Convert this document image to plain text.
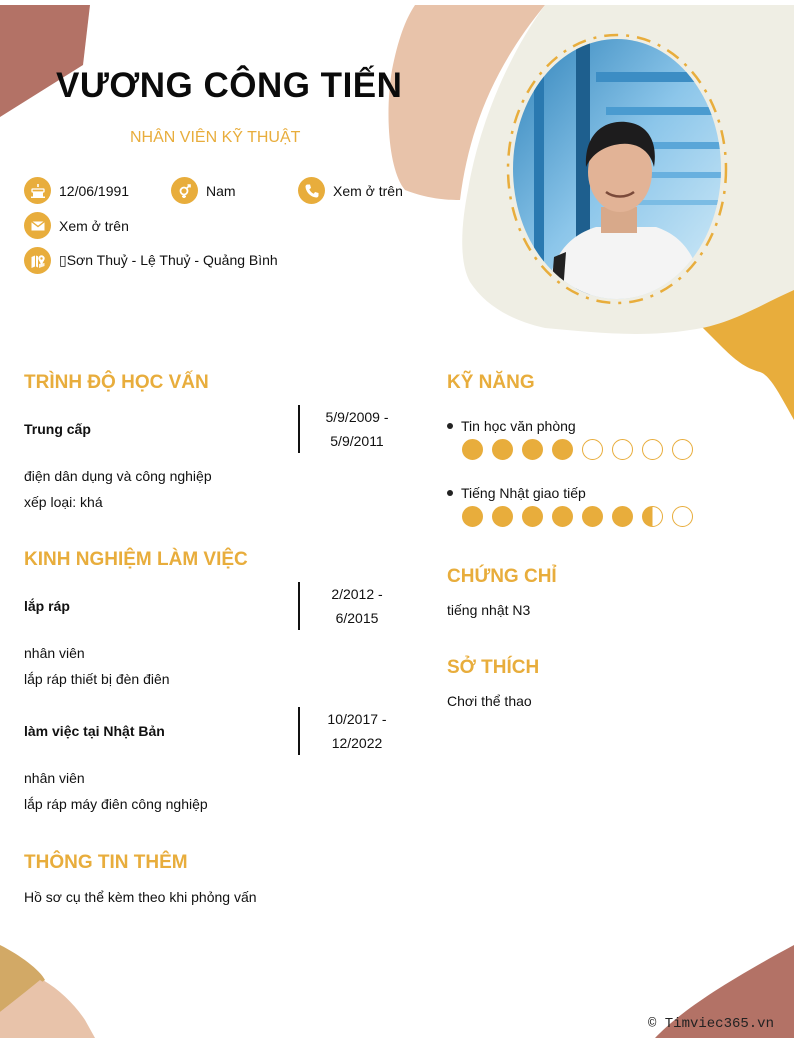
VƯƠNG CÔNG TIẾN
NHÂN VIÊN KỸ THUẬT
12/06/1991	Nam	Xem ở trên
Xem ở trên
▯Sơn Thuỷ - Lệ Thuỷ - Quảng Bình
TRÌNH ĐỘ HỌC VẤN
Trung cấp
5/9/2009 -
5/9/2011
điện dân dụng và công nghiệp
xếp loại: khá
KINH NGHIỆM LÀM VIỆC
lắp ráp
2/2012 -
6/2015
nhân viên
lắp ráp thiết bị đèn điên
làm việc tại Nhật Bản
10/2017 -
12/2022
nhân viên
lắp ráp máy điên công nghiệp
THÔNG TIN THÊM
Hồ sơ cụ thể kèm theo khi phỏng vấn
KỸ NĂNG
Tin học văn phòng
Tiếng Nhật giao tiếp
CHỨNG CHỈ
tiếng nhật N3
SỞ THÍCH
Chơi thể thao
© Timviec365.vn
